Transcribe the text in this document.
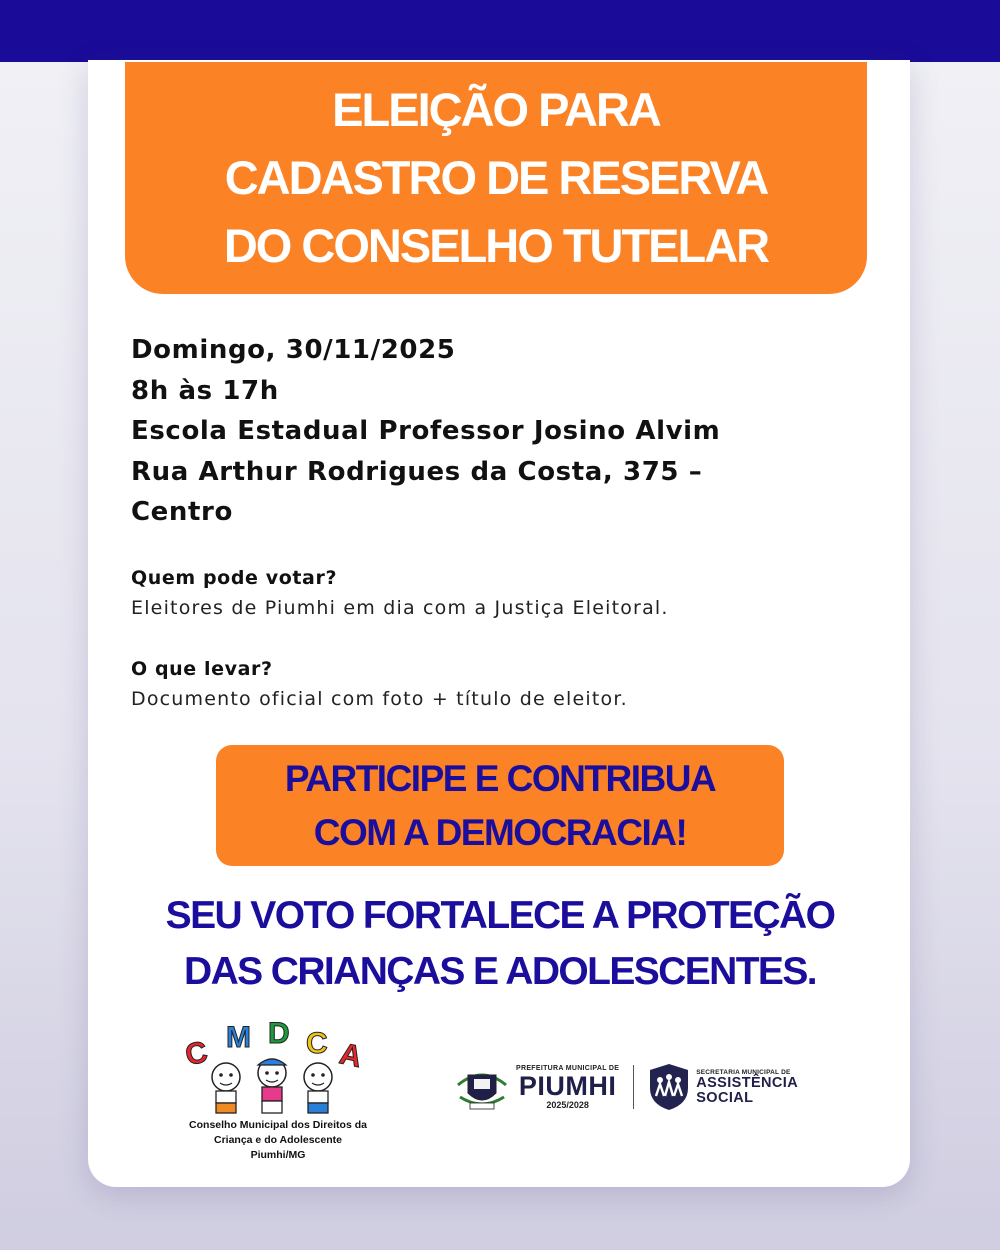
ELEIÇÃO PARA
CADASTRO DE RESERVA
DO CONSELHO TUTELAR
Domingo, 30/11/2025
8h às 17h
Escola Estadual Professor Josino Alvim
Rua Arthur Rodrigues da Costa, 375 –
Centro
Quem pode votar?
Eleitores de Piumhi em dia com a Justiça Eleitoral.
O que levar?
Documento oficial com foto + título de eleitor.
PARTICIPE E CONTRIBUA
COM A DEMOCRACIA!
SEU VOTO FORTALECE A PROTEÇÃO
DAS CRIANÇAS E ADOLESCENTES.
C M D C A
Conselho Municipal dos Direitos da
Criança e do Adolescente
Piumhi/MG
PREFEITURA MUNICIPAL DE
PIUMHI
2025/2028
SECRETARIA MUNICIPAL DE
ASSISTÊNCIA
SOCIAL
